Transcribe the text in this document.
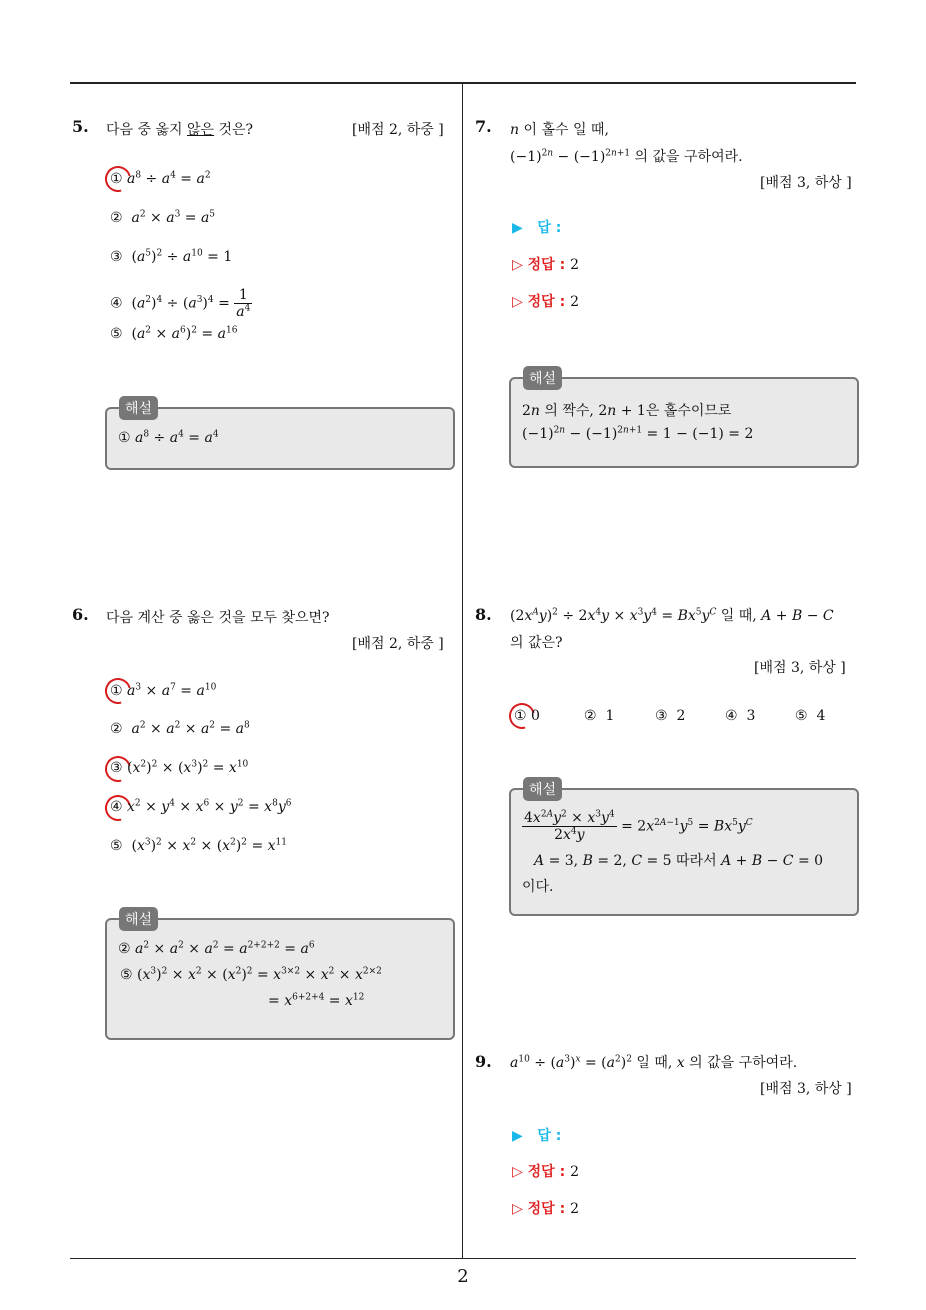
5. 다음 중 옳지 않은 것은?	[배점 2, 하중 ]
① $a^8 \div a^4 = a^2$
② $a^2 \times a^3 = a^5$
③  $(a^5)^2 \div a^{10} = 1$
④  $(a^2)^4 \div (a^3)^4 = \frac{1}{a^4}$
⑤  $(a^2 \times a^6)^2 = a^{16}$
해설
① $a^8 \div a^4 = a^4$
6. 다음 계산 중 옳은 것을 모두 찾으면?
[배점 2, 하중 ]
① $a^3 \times a^7 = a^{10}$
② $a^2 \times a^2 \times a^2 = a^8$
③ $(x^2)^2 \times (x^3)^2 = x^{10}$
④ $x^2 \times y^4 \times x^6 \times y^2 = x^8y^6$
⑤  $(x^3)^2 \times x^2 \times (x^2)^2 = x^{11}$
해설
② $a^2 \times a^2 \times a^2 = a^{2+2+2} = a^6$
⑤ $(x^3)^2 \times x^2 \times (x^2)^2 = x^{3\times 2} \times x^2 \times x^{2\times 2}$
= $x^{6+2+4} = x^{12}$
7. n 이 홀수 일 때,
$(-1)^{2n} - (-1)^{2n+1}$ 의 값을 구하여라.
[배점 3, 하상 ]
▶ 답 :
▷ 정답 : 2
▷ 정답 : 2
해설
2n 의 짝수, 2n + 1은 홀수이므로
$(-1)^{2n} - (-1)^{2n+1} = 1 - (-1) = 2$
8. $(2x^Ay)^2 \div 2x^4y \times x^3y^4 = Bx^5y^C$ 일 때, A + B − C
의 값은?
[배점 3, 하상 ]
① 0	② 1	③ 2	④ 3	⑤ 4
해설
$\frac{4x^{2A}y^2 \times x^3y^4}{2x^4y} = 2x^{2A-1}y^5 = Bx^5y^C$
A = 3, B = 2, C = 5 따라서 A + B − C = 0
이다.
9. $a^{10} \div (a^3)^x = (a^2)^2$ 일 때, x 의 값을 구하여라.
[배점 3, 하상 ]
▶ 답 :
▷ 정답 : 2
▷ 정답 : 2
2
